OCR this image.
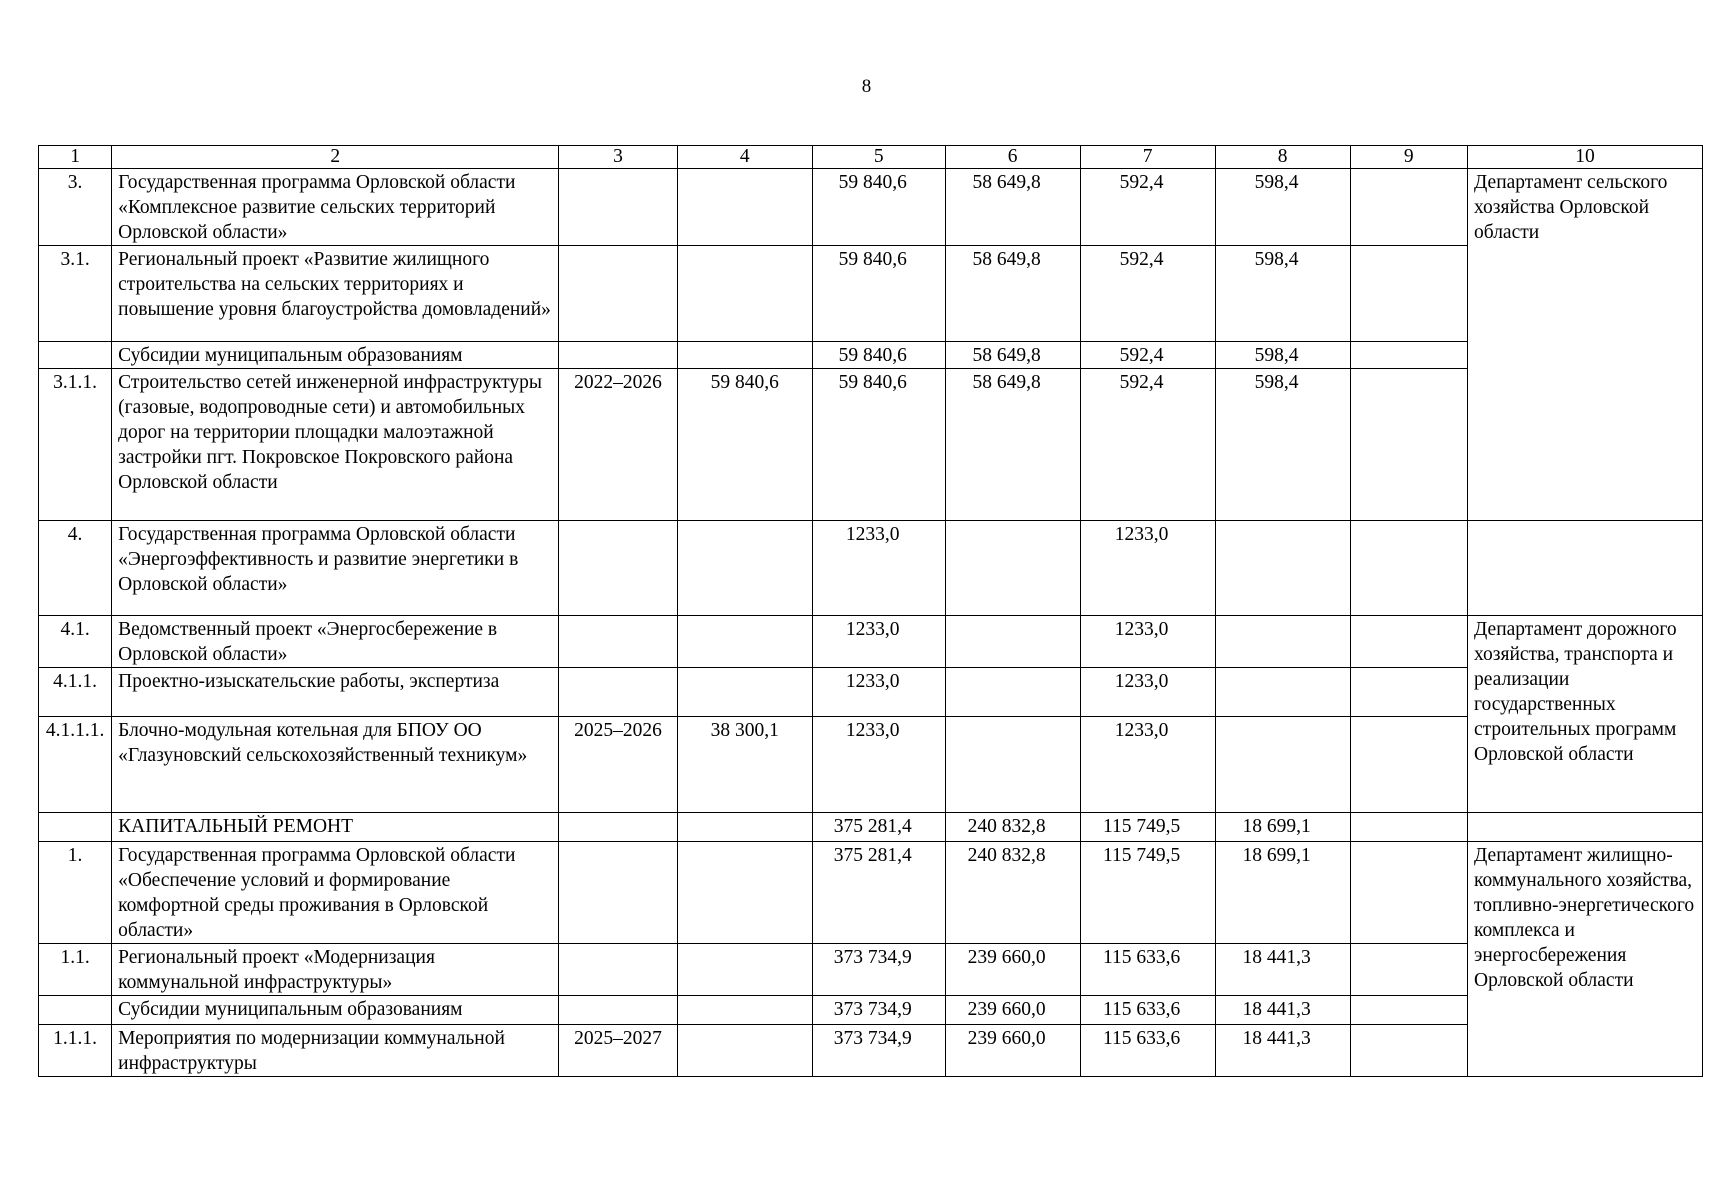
8
1	2	3	4	5	6	7	8	9	10
3.	Государственная программа Орловской области «Комплексное развитие сельских территорий Орловской области»			59 840,6	58 649,8	592,4	598,4		Департамент сельского хозяйства Орловской области
3.1.	Региональный проект «Развитие жилищного строительства на сельских территориях и повышение уровня благоустройства домовладений»			59 840,6	58 649,8	592,4	598,4		
	Субсидии муниципальным образованиям			59 840,6	58 649,8	592,4	598,4		
3.1.1.	Строительство сетей инженерной инфраструктуры (газовые, водопроводные сети) и автомобильных дорог на территории площадки малоэтажной застройки пгт. Покровское Покровского района Орловской области	2022–2026	59 840,6	59 840,6	58 649,8	592,4	598,4		
4.	Государственная программа Орловской области «Энергоэффективность и развитие энергетики в Орловской области»			1233,0		1233,0			
4.1.	Ведомственный проект «Энергосбережение в Орловской области»			1233,0		1233,0			Департамент дорожного хозяйства, транспорта и реализации государственных строительных программ Орловской области
4.1.1.	Проектно-изыскательские работы, экспертиза			1233,0		1233,0			
4.1.1.1.	Блочно-модульная котельная для БПОУ ОО «Глазуновский сельскохозяйственный техникум»	2025–2026	38 300,1	1233,0		1233,0			
	КАПИТАЛЬНЫЙ РЕМОНТ			375 281,4	240 832,8	115 749,5	18 699,1		
1.	Государственная программа Орловской области «Обеспечение условий и формирование комфортной среды проживания в Орловской области»			375 281,4	240 832,8	115 749,5	18 699,1		Департамент жилищно-коммунального хозяйства, топливно-энергетического комплекса и энергосбережения Орловской области
1.1.	Региональный проект «Модернизация коммунальной инфраструктуры»			373 734,9	239 660,0	115 633,6	18 441,3		
	Субсидии муниципальным образованиям			373 734,9	239 660,0	115 633,6	18 441,3		
1.1.1.	Мероприятия по модернизации коммунальной инфраструктуры	2025–2027		373 734,9	239 660,0	115 633,6	18 441,3		
